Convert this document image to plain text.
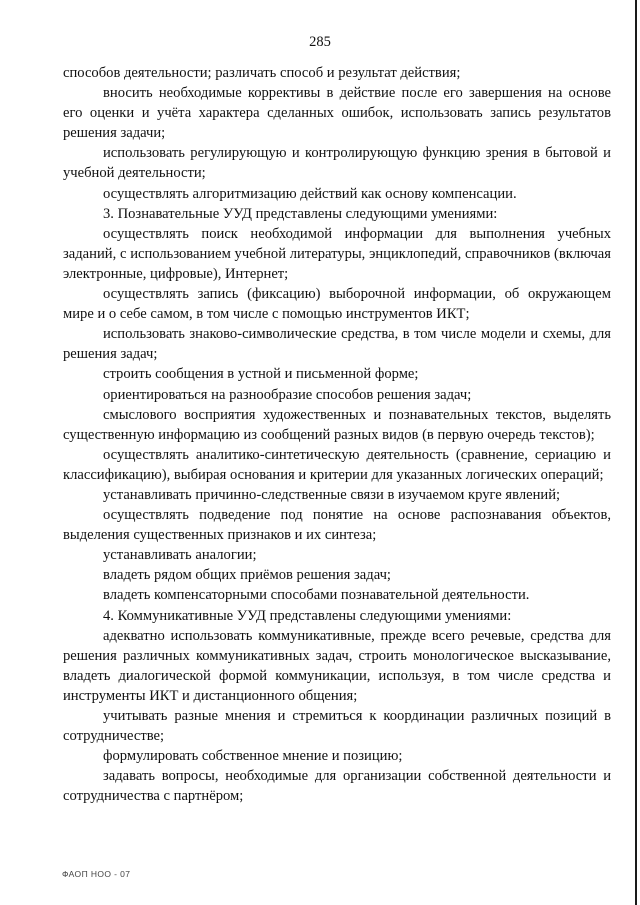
285

способов деятельности; различать способ и результат действия;

вносить необходимые коррективы в действие после его завершения на основе его оценки и учёта характера сделанных ошибок, использовать запись результатов решения задачи;

использовать регулирующую и контролирующую функцию зрения в бытовой и учебной деятельности;

осуществлять алгоритмизацию действий как основу компенсации.

3. Познавательные УУД представлены следующими умениями:

осуществлять поиск необходимой информации для выполнения учебных заданий, с использованием учебной литературы, энциклопедий, справочников (включая электронные, цифровые), Интернет;

осуществлять запись (фиксацию) выборочной информации, об окружающем мире и о себе самом, в том числе с помощью инструментов ИКТ;

использовать знаково-символические средства, в том числе модели и схемы, для решения задач;

строить сообщения в устной и письменной форме;

ориентироваться на разнообразие способов решения задач;

смыслового восприятия художественных и познавательных текстов, выделять существенную информацию из сообщений разных видов (в первую очередь текстов);

осуществлять аналитико-синтетическую деятельность (сравнение, сериацию и классификацию), выбирая основания и критерии для указанных логических операций;

устанавливать причинно-следственные связи в изучаемом круге явлений;

осуществлять подведение под понятие на основе распознавания объектов, выделения существенных признаков и их синтеза;

устанавливать аналогии;

владеть рядом общих приёмов решения задач;

владеть компенсаторными способами познавательной деятельности.

4. Коммуникативные УУД представлены следующими умениями:

адекватно использовать коммуникативные, прежде всего речевые, средства для решения различных коммуникативных задач, строить монологическое высказывание, владеть диалогической формой коммуникации, используя, в том числе средства и инструменты ИКТ и дистанционного общения;

учитывать разные мнения и стремиться к координации различных позиций в сотрудничестве;

формулировать собственное мнение и позицию;

задавать вопросы, необходимые для организации собственной деятельности и сотрудничества с партнёром;

ФАОП НОО - 07
